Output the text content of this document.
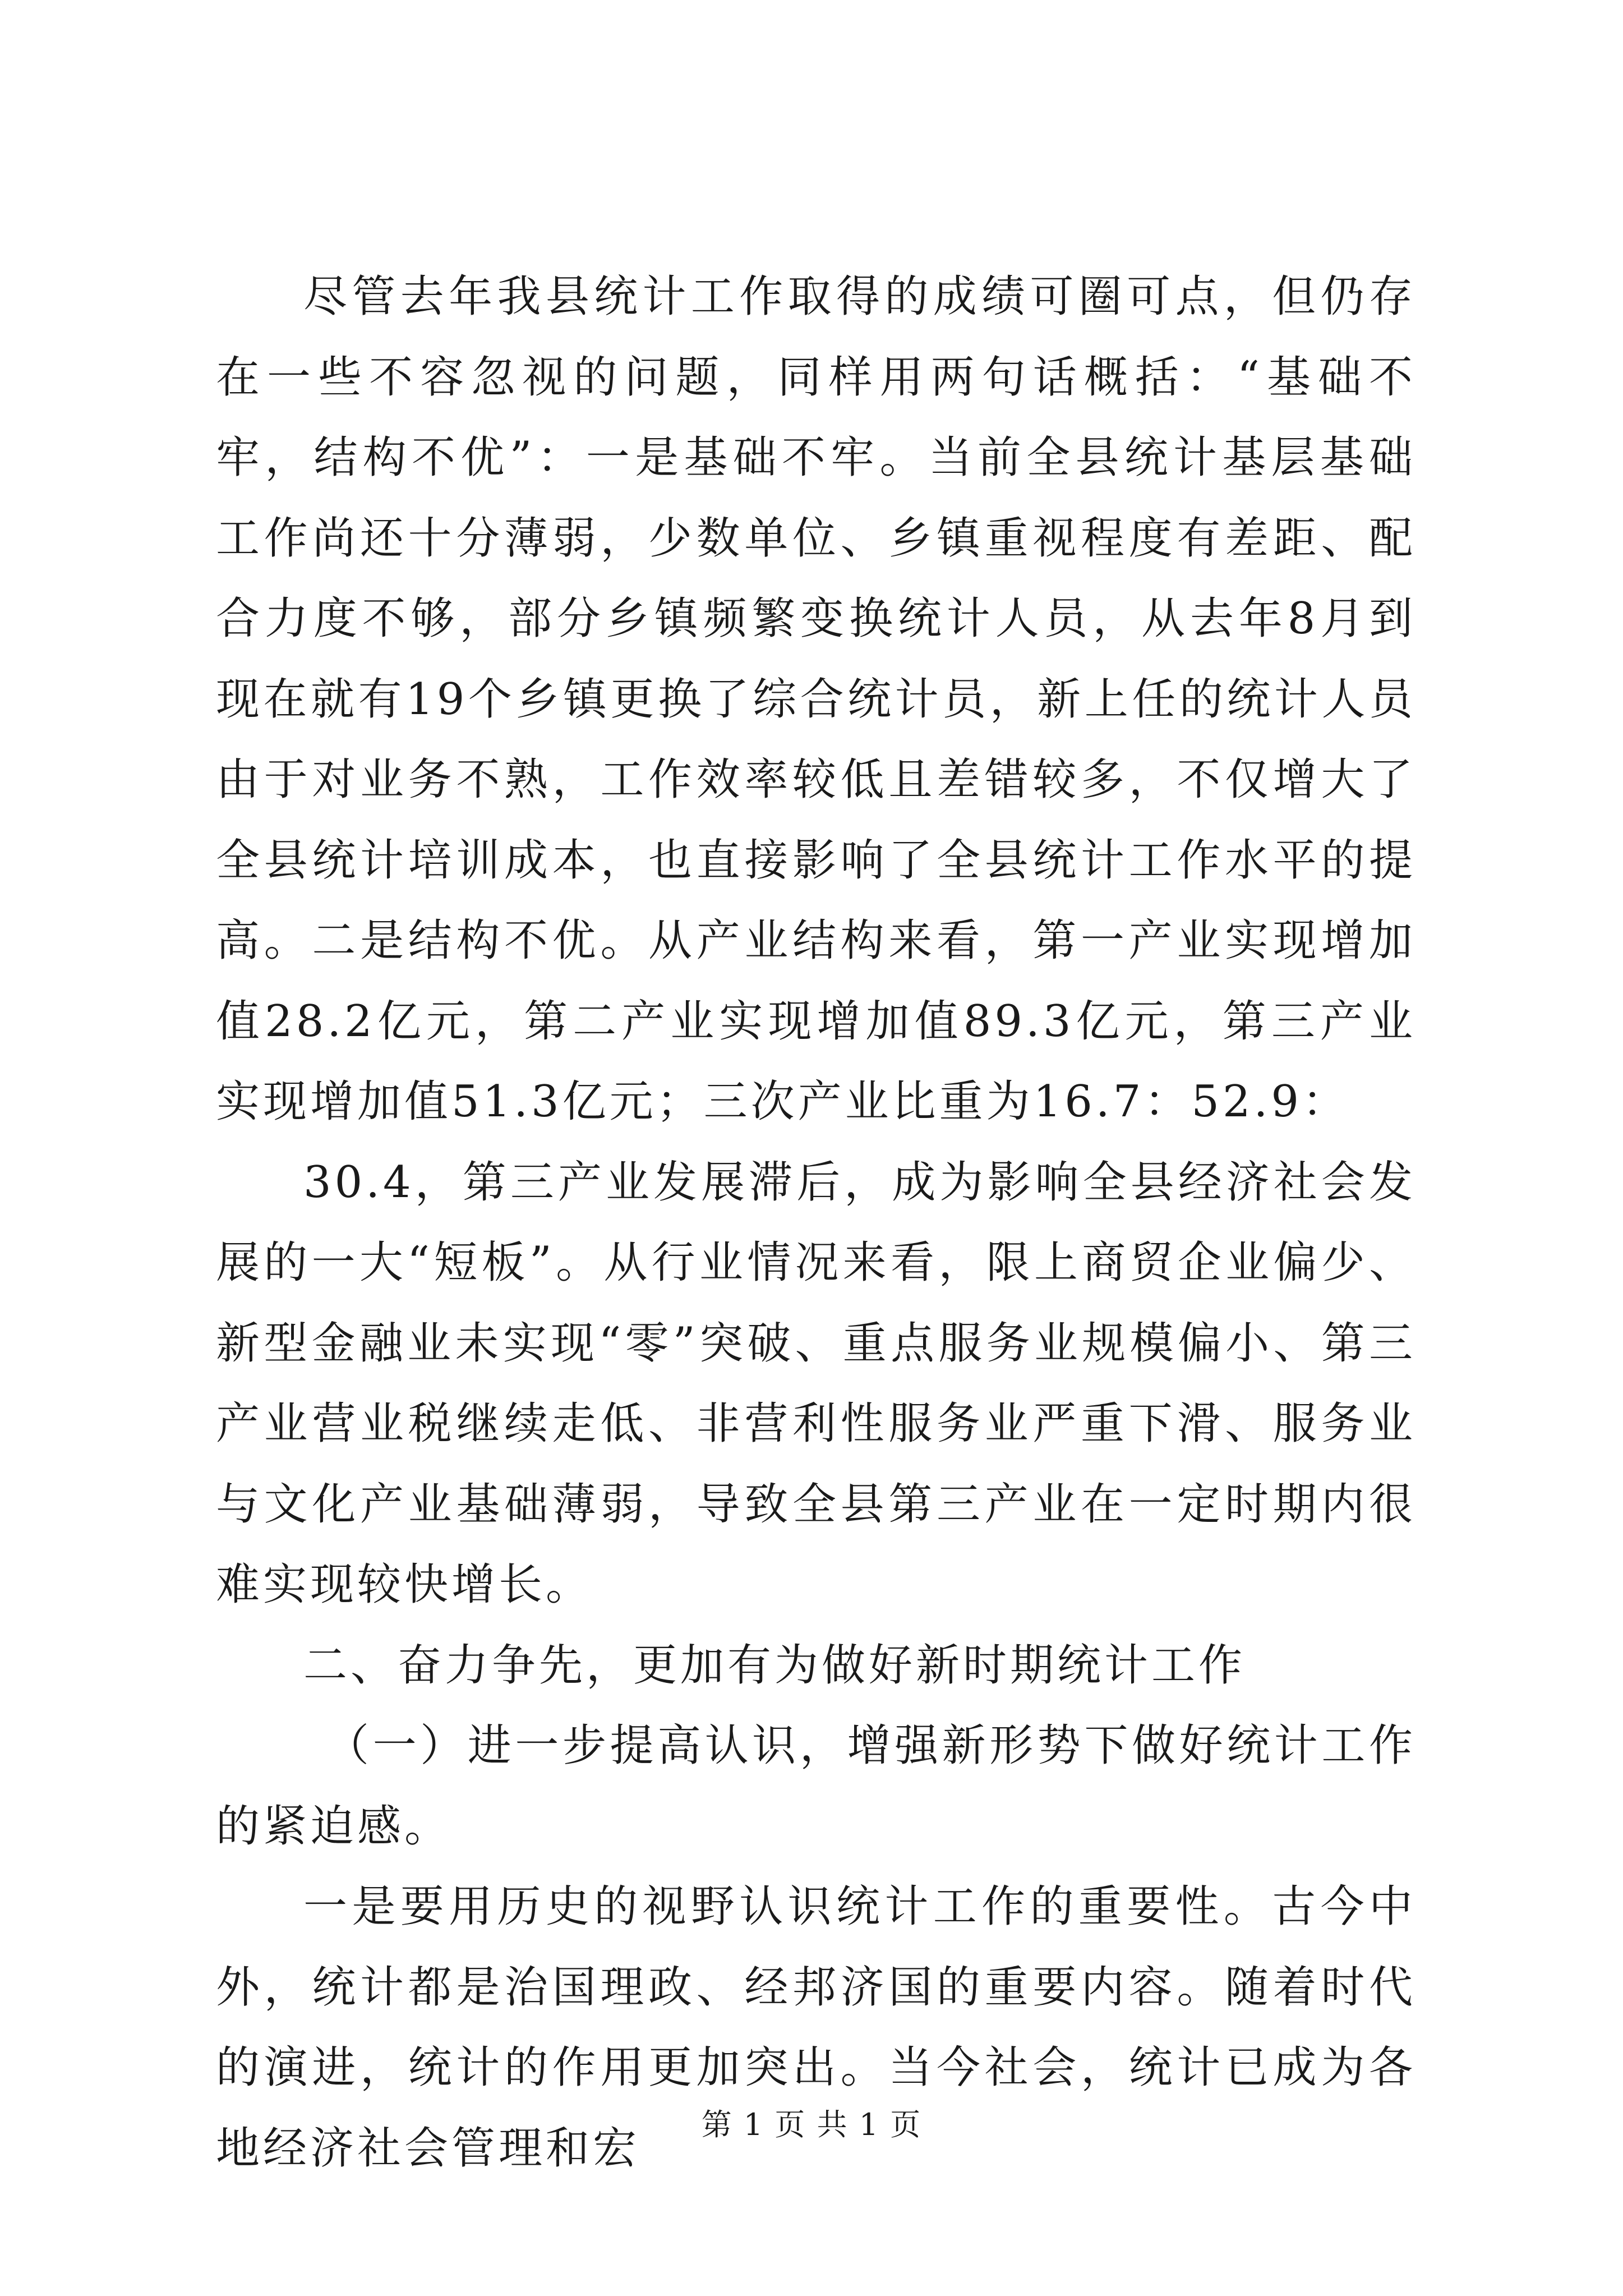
尽管去年我县统计工作取得的成绩可圈可点，但仍存在一些不容忽视的问题，同样用两句话概括：“基础不牢，结构不优”：一是基础不牢。当前全县统计基层基础工作尚还十分薄弱，少数单位、乡镇重视程度有差距、配合力度不够，部分乡镇频繁变换统计人员，从去年8月到现在就有19个乡镇更换了综合统计员，新上任的统计人员由于对业务不熟，工作效率较低且差错较多，不仅增大了全县统计培训成本，也直接影响了全县统计工作水平的提高。二是结构不优。从产业结构来看，第一产业实现增加值28.2亿元，第二产业实现增加值89.3亿元，第三产业实现增加值51.3亿元；三次产业比重为16.7：52.9：

30.4，第三产业发展滞后，成为影响全县经济社会发展的一大“短板”。从行业情况来看，限上商贸企业偏少、新型金融业未实现“零”突破、重点服务业规模偏小、第三产业营业税继续走低、非营利性服务业严重下滑、服务业与文化产业基础薄弱，导致全县第三产业在一定时期内很难实现较快增长。

二、奋力争先，更加有为做好新时期统计工作

（一）进一步提高认识，增强新形势下做好统计工作的紧迫感。

一是要用历史的视野认识统计工作的重要性。古今中外，统计都是治国理政、经邦济国的重要内容。随着时代的演进，统计的作用更加突出。当今社会，统计已成为各地经济社会管理和宏	第 1 页 共 1 页
